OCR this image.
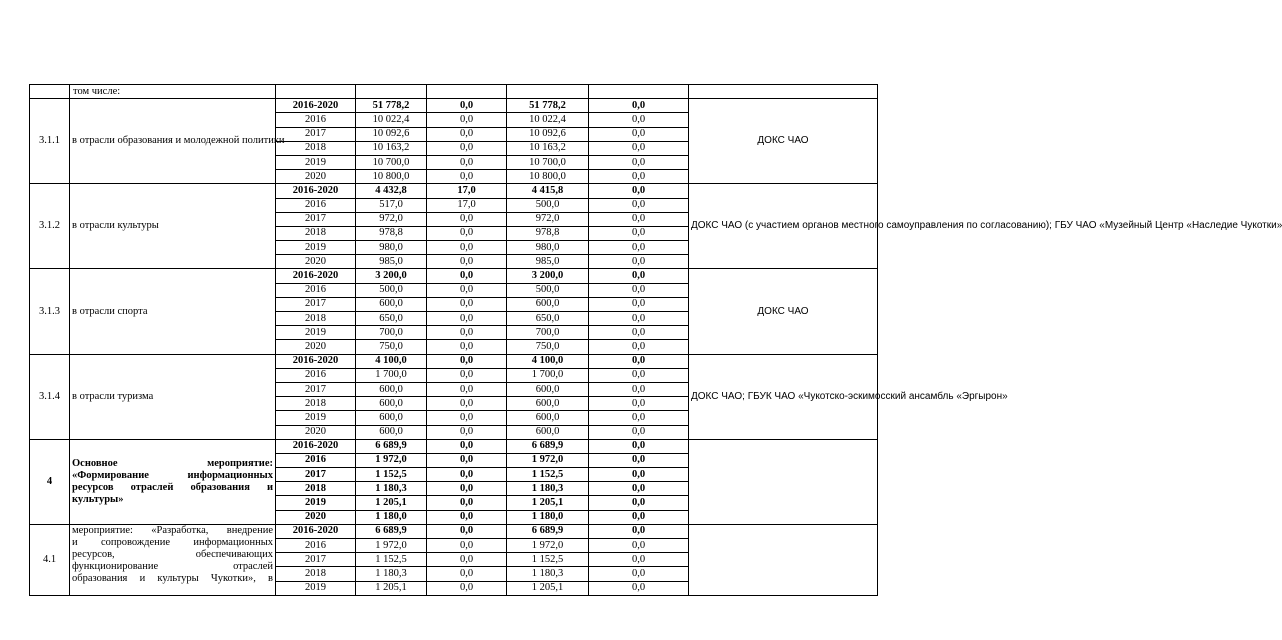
	том числе:						
3.1.1	в отрасли образования и молодежной политики	2016-2020	51 778,2	0,0	51 778,2	0,0	ДОКС ЧАО
		2016	10 022,4	0,0	10 022,4	0,0	
		2017	10 092,6	0,0	10 092,6	0,0	
		2018	10 163,2	0,0	10 163,2	0,0	
		2019	10 700,0	0,0	10 700,0	0,0	
		2020	10 800,0	0,0	10 800,0	0,0	
3.1.2	в отрасли культуры	2016-2020	4 432,8	17,0	4 415,8	0,0	ДОКС ЧАО (с участием органов местного самоуправления по согласованию); ГБУ ЧАО «Музейный Центр «Наследие Чукотки»
		2016	517,0	17,0	500,0	0,0	
		2017	972,0	0,0	972,0	0,0	
		2018	978,8	0,0	978,8	0,0	
		2019	980,0	0,0	980,0	0,0	
		2020	985,0	0,0	985,0	0,0	
3.1.3	в отрасли спорта	2016-2020	3 200,0	0,0	3 200,0	0,0	ДОКС ЧАО
		2016	500,0	0,0	500,0	0,0	
		2017	600,0	0,0	600,0	0,0	
		2018	650,0	0,0	650,0	0,0	
		2019	700,0	0,0	700,0	0,0	
		2020	750,0	0,0	750,0	0,0	
3.1.4	в отрасли туризма	2016-2020	4 100,0	0,0	4 100,0	0,0	ДОКС ЧАО; ГБУК ЧАО «Чукотско-эскимосский ансамбль «Эргырон»
		2016	1 700,0	0,0	1 700,0	0,0	
		2017	600,0	0,0	600,0	0,0	
		2018	600,0	0,0	600,0	0,0	
		2019	600,0	0,0	600,0	0,0	
		2020	600,0	0,0	600,0	0,0	
4	Основное мероприятие:
«Формирование информационных
ресурсов отраслей образования и
культуры»	2016-2020	6 689,9	0,0	6 689,9	0,0	
		2016	1 972,0	0,0	1 972,0	0,0	
		2017	1 152,5	0,0	1 152,5	0,0	
		2018	1 180,3	0,0	1 180,3	0,0	
		2019	1 205,1	0,0	1 205,1	0,0	
		2020	1 180,0	0,0	1 180,0	0,0	
4.1	мероприятие: «Разработка, внедрение
и сопровождение информационных
ресурсов, обеспечивающих
функционирование отраслей
образования и культуры Чукотки», в	2016-2020	6 689,9	0,0	6 689,9	0,0	
		2016	1 972,0	0,0	1 972,0	0,0	
		2017	1 152,5	0,0	1 152,5	0,0	
		2018	1 180,3	0,0	1 180,3	0,0	
		2019	1 205,1	0,0	1 205,1	0,0	
